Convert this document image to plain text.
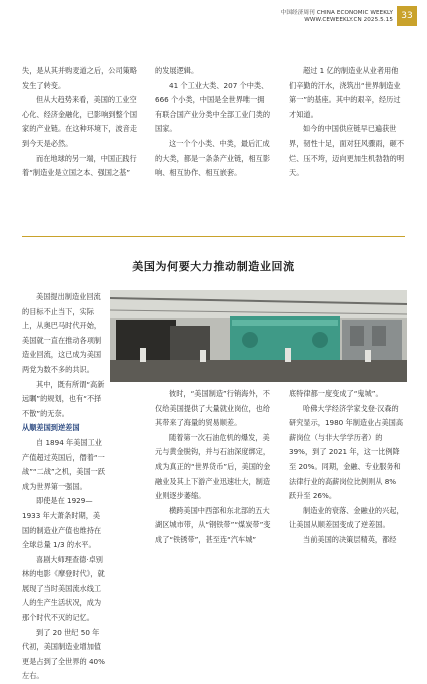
中国经济周刊 CHINA ECONOMIC WEEKLY
WWW.CEWEEKLY.CN 2025.5.15 33

失，是从其并购麦道之后，公司策略发生了转变。

但从大趋势来看，美国的工业空心化、经济金融化，已影响到整个国家的产业链。在这种环境下，波音走到今天是必然。

而在地球的另一端，中国正践行着“制造业是立国之本、强国之基”

的发展逻辑。

41 个工业大类、207 个中类、666 个小类，中国是全世界唯一拥有联合国产业分类中全部工业门类的国家。

这一个个小类、中类，最后汇成的大类，都是一条条产业链，相互影响、相互协作、相互嵌套。

超过 1 亿的制造业从业者用他们辛勤的汗水，浇筑出“世界制造业第一”的基座。其中的艰辛，经历过才知道。

如今的中国供应链早已遍获世界，韧性十足，面对狂风骤雨，砸不烂、压不垮，迈向更加生机勃勃的明天。

美国为何要大力推动制造业回流

美国提出制造业回流的目标不止当下，实际上，从奥巴马时代开始，美国就一直在推动各项制造业回流，这已成为美国两党为数不多的共识。

其中，既有所谓“高新远瞩”的规划，也有“不择不散”的无奈。

从顺差国到逆差国

自 1894 年美国工业产值超过英国后，僭着“一战”“二战”之机，美国一跃成为世界第一强国。

即使是在 1929—1933 年大萧条时期，美国的制造业产值也维持在全球总量 1/3 的水平。

喜剧大师理查德·卓别林的电影《摩登时代》，就展现了当时美国流水线工人的生产生活状况，成为那个时代不灭的记忆。

到了 20 世纪 50 年代初，美国制造业增加值更是占到了全世界的 40% 左右。

彼时，“美国制造”行销海外，不仅给美国提供了大量就业岗位，也给其带来了海量的贸易顺差。

随着第一次石油危机的爆发，美元与黄金脱钩，并与石油深度绑定，成为真正的“世界货币”后，美国的金融业及其上下游产业迅速壮大，制造业则逐步萎缩。

横跨美国中西部和东北部的五大湖区城市带，从“钢铁带”“煤炭带”变成了“铁锈带”，甚至连“汽车城”

底特律都一度变成了“鬼城”。

哈佛大学经济学家戈登·汉森的研究显示，1980 年制造业占美国高薪岗位（与非大学学历者）的 39%，到了 2021 年，这一比例降至 20%。同期，金融、专业服务和法律行业的高薪岗位比例则从 8% 跃升至 26%。

制造业的衰落、金融业的兴起，让美国从顺差国变成了逆差国。

当前美国的决策层精英，都经
